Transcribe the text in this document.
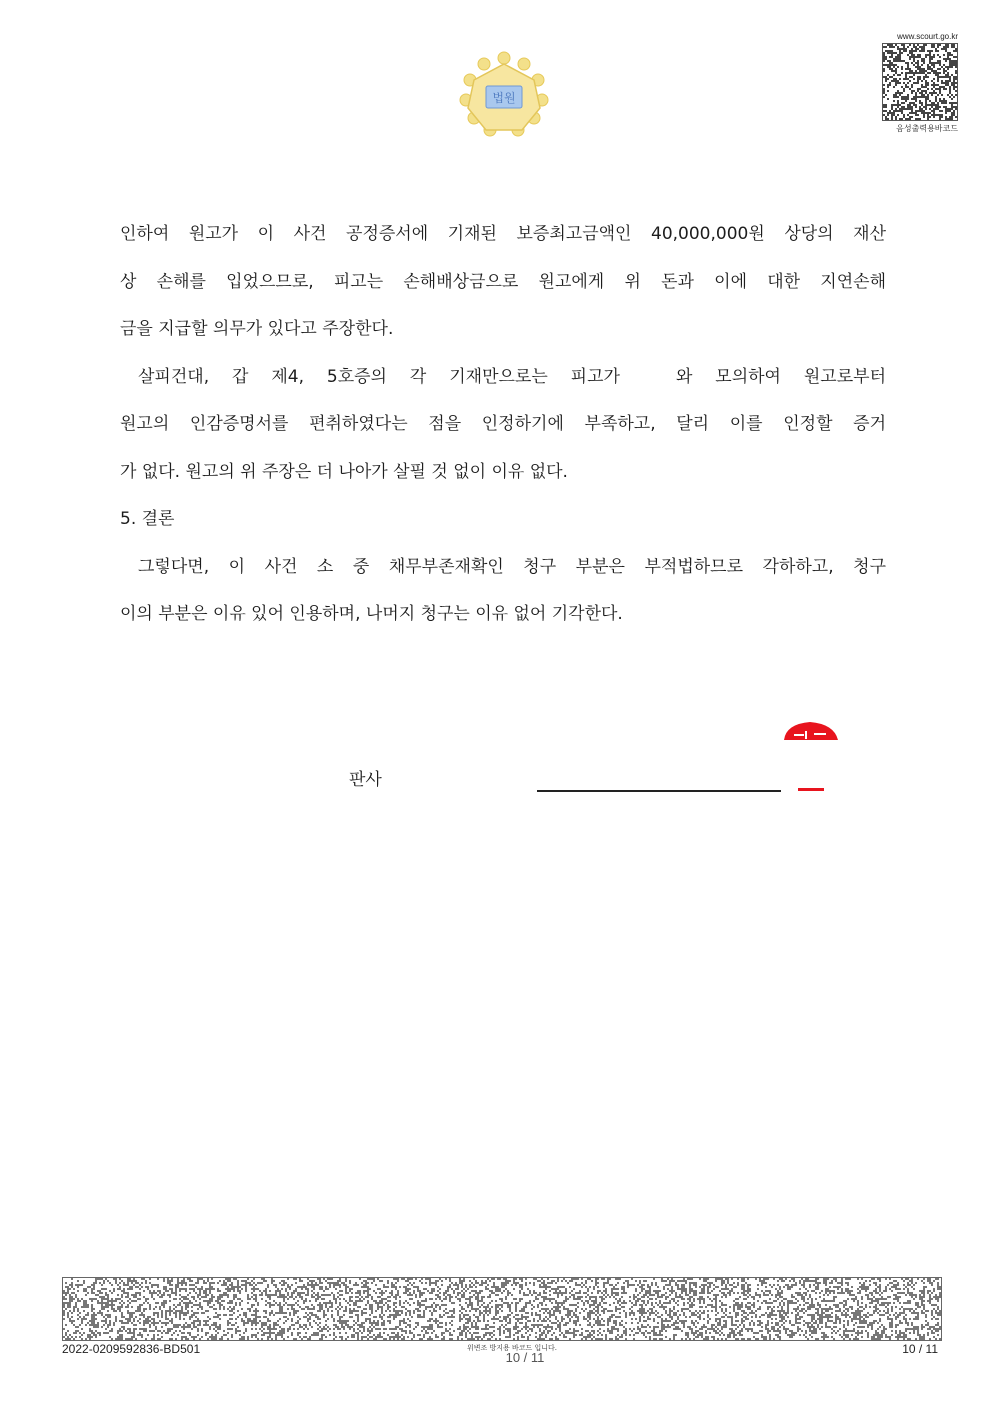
법원
www.scourt.go.kr
음성출력용바코드

인하여 원고가 이 사건 공정증서에 기재된 보증최고금액인 40,000,000원 상당의 재산

상 손해를 입었으므로, 피고는 손해배상금으로 원고에게 위 돈과 이에 대한 지연손해

금을 지급할 의무가 있다고 주장한다.

살피건대, 갑 제4, 5호증의 각 기재만으로는 피고가	와 모의하여 원고로부터

원고의 인감증명서를 편취하였다는 점을 인정하기에 부족하고, 달리 이를 인정할 증거

가 없다. 원고의 위 주장은 더 나아가 살필 것 없이 이유 없다.

5. 결론

그렇다면, 이 사건 소 중 채무부존재확인 청구 부분은 부적법하므로 각하하고, 청구

이의 부분은 이유 있어 인용하며, 나머지 청구는 이유 없어 기각한다.

판사
2022-0209592836-BD501	위변조 방지용 바코드 입니다.
10 / 11
10 / 11
